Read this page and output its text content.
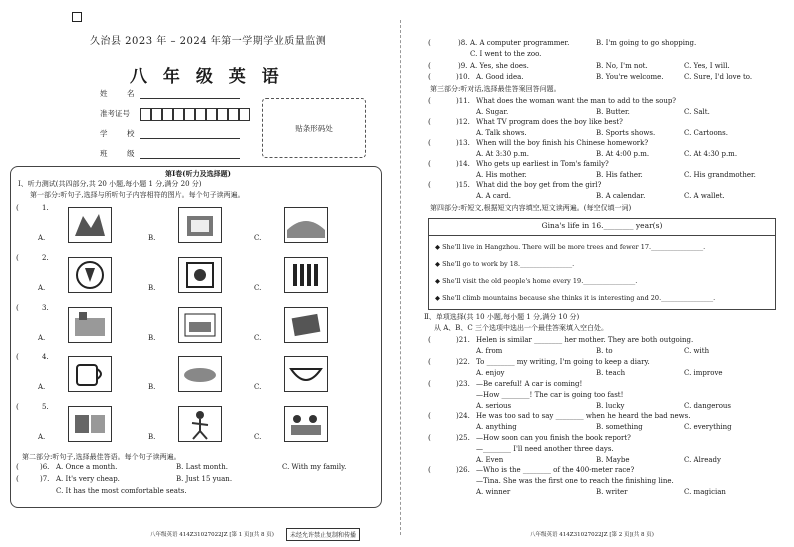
久治县 2023 年 – 2024 年第一学期学业质量监测
八 年 级 英 语
姓　名
准考证号
学　校
班　级
贴条形码处
第Ⅰ卷(听力及选择题)
Ⅰ、听力测试(共四部分,共 20 小题,每小题 1 分,满分 20 分)
第一部分:听句子,选择与所听句子内容相符的图片。每个句子读两遍。
(	1.
A.	B.	C.
(	2.
A.	B.	C.
(	3.
A.	B.	C.
(	4.
A.	B.	C.
(	5.
A.	B.	C.
第二部分:听句子,选择最佳答语。每个句子读两遍。
(	)6. A. Once a month.	B. Last month.	C. With my family.
(	)7. A. It's very cheap.	B. Just 15 yuan.
C. It has the most comfortable seats.
八年级英语 414Z31027022JZ [第 1 页](共 8 页)	未经允许禁止复制和传播
(	)8. A. A computer programmer.	B. I'm going to go shopping.
C. I went to the zoo.
(	)9. A. Yes, she does.	B. No, I'm not.	C. Yes, I will.
(	)10. A. Good idea.	B. You're welcome.	C. Sure, I'd love to.
第三部分:听对话,选择最佳答案回答问题。
(	)11. What does the woman want the man to add to the soup?
A. Sugar.	B. Butter.	C. Salt.
(	)12. What TV program does the boy like best?
A. Talk shows.	B. Sports shows.	C. Cartoons.
(	)13. When will the boy finish his Chinese homework?
A. At 3:30 p.m.	B. At 4:00 p.m.	C. At 4:30 p.m.
(	)14. Who gets up earliest in Tom's family?
A. His mother.	B. His father.	C. His grandmother.
(	)15. What did the boy get from the girl?
A. A card.	B. A calendar.	C. A wallet.
第四部分:听短文,根据短文内容填空,短文读两遍。(每空仅填一词)
Ⅱ、单项选择(共 10 小题,每小题 1 分,满分 10 分)
从 A、B、C 三个选项中选出一个最佳答案填入空白处。
(	)21. Helen is similar ________ her mother. They are both outgoing.
A. from	B. to	C. with
(	)22. To ________ my writing, I'm going to keep a diary.
A. enjoy	B. teach	C. improve
(	)23. —Be careful! A car is coming!
—How ________! The car is going too fast!
A. serious	B. lucky	C. dangerous
(	)24. He was too sad to say ________ when he heard the bad news.
A. anything	B. something	C. everything
(	)25. —How soon can you finish the book report?
—________ I'll need another three days.
A. Even	B. Maybe	C. Already
(	)26. —Who is the ________ of the 400-meter race?
—Tina. She was the first one to reach the finishing line.
A. winner	B. writer	C. magician
Gina's life in 16.________ year(s)
◆ She'll live in Hangzhou. There will be more trees and fewer 17.________________.
◆ She'll go to work by 18.________________.
◆ She'll visit the old people's home every 19.________________.
◆ She'll climb mountains because she thinks it is interesting and 20.________________.
八年级英语 414Z31027022JZ [第 2 页](共 8 页)
